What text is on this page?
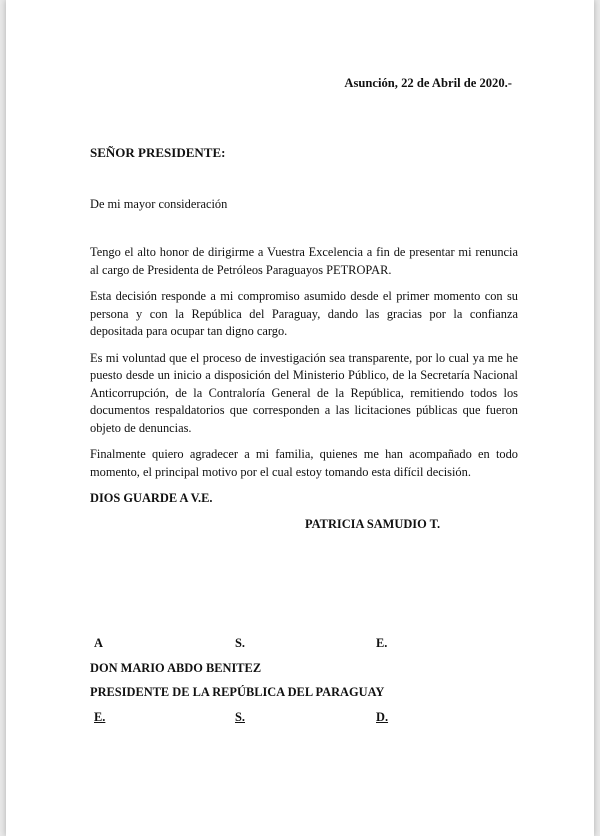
Asunción, 22 de Abril de 2020.-
SEÑOR PRESIDENTE:
De mi mayor consideración

Tengo el alto honor de dirigirme a Vuestra Excelencia a fin de presentar mi renuncia al cargo de Presidenta de Petróleos Paraguayos PETROPAR.

Esta decisión responde a mi compromiso asumido desde el primer momento con su persona y con la República del Paraguay, dando las gracias por la confianza depositada para ocupar tan digno cargo.

Es mi voluntad que el proceso de investigación sea transparente, por lo cual ya me he puesto desde un inicio a disposición del Ministerio Público, de la Secretaría Nacional Anticorrupción, de la Contraloría General de la República, remitiendo todos los documentos respaldatorios que corresponden a las licitaciones públicas que fueron objeto de denuncias.

Finalmente quiero agradecer a mi familia, quienes me han acompañado en todo momento, el principal motivo por el cual estoy tomando esta difícil decisión.

DIOS GUARDE A V.E.
PATRICIA SAMUDIO T.
A	S.	E.
DON MARIO ABDO BENITEZ
PRESIDENTE DE LA REPÚBLICA DEL PARAGUAY
E.	S.	D.
